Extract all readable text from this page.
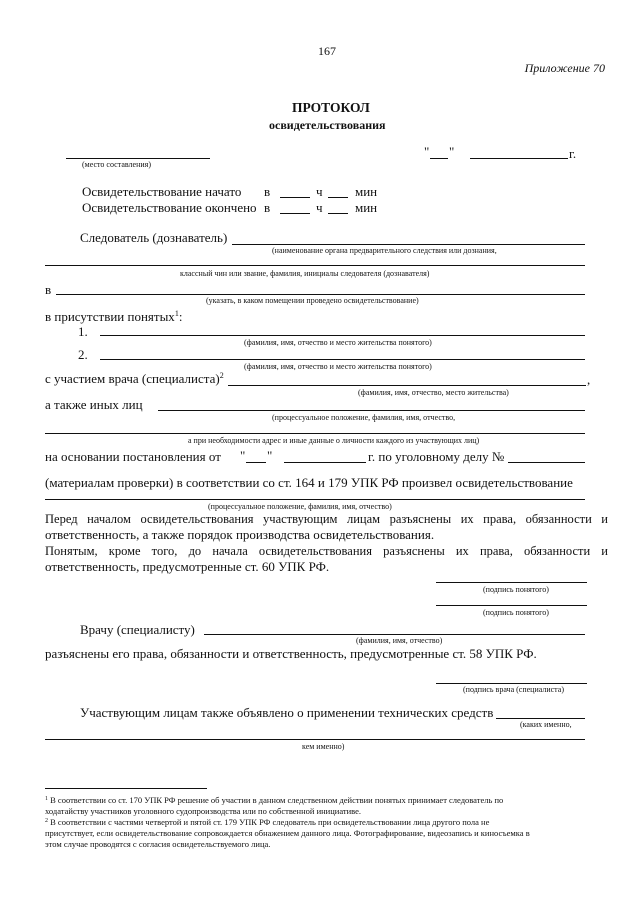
167
Приложение 70
ПРОТОКОЛ
освидетельствования
(место составления)
" "	г.
Освидетельствование начато в	ч мин
Освидетельствование окончено в	ч мин
Следователь (дознаватель)
(наименование органа предварительного следствия или дознания,
классный чин или звание, фамилия, инициалы следователя (дознавателя)
в
(указать, в каком помещении проведено освидетельствование)
в присутствии понятых$^1$:
1.
(фамилия, имя, отчество и место жительства понятого)
2.
(фамилия, имя, отчество и место жительства понятого)
с участием врача (специалиста)$^2$	,
(фамилия, имя, отчество, место жительства)
а также иных лиц
(процессуальное положение, фамилия, имя, отчество,
а при необходимости адрес и иные данные о личности каждого из участвующих лиц)
на основании постановления от " "	г. по уголовному делу №
(материалам проверки) в соответствии со ст. 164 и 179 УПК РФ произвел освидетельствование
(процессуальное положение, фамилия, имя, отчество)
Перед началом освидетельствования участвующим лицам разъяснены их права, обязанности и
ответственность, а также порядок производства освидетельствования.
Понятым, кроме того, до начала освидетельствования разъяснены их права, обязанности и
ответственность, предусмотренные ст. 60 УПК РФ.
(подпись понятого)
(подпись понятого)
Врачу (специалисту)
(фамилия, имя, отчество)
разъяснены его права, обязанности и ответственность, предусмотренные ст. 58 УПК РФ.
(подпись врача (специалиста)
Участвующим лицам также объявлено о применении технических средств
(каких именно,
кем именно)
$^1$ В соответствии со ст. 170 УПК РФ решение об участии в данном следственном действии понятых принимает следователь по
ходатайству участников уголовного судопроизводства или по собственной инициативе.
$^2$ В соответствии с частями четвертой и пятой ст. 179 УПК РФ следователь при освидетельствовании лица другого пола не
присутствует, если освидетельствование сопровождается обнажением данного лица. Фотографирование, видеозапись и киносъемка в
этом случае проводятся с согласия освидетельствуемого лица.
